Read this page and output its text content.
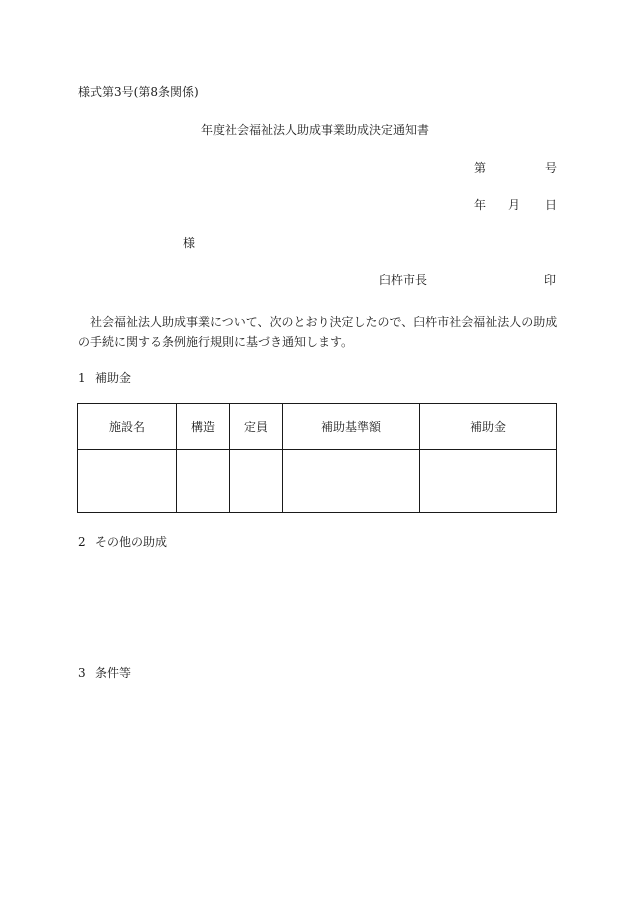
様式第3号(第8条関係)
年度社会福祉法人助成事業助成決定通知書
第	号
年 月 日
様
臼杵市長	印
　社会福祉法人助成事業について、次のとおり決定したので、臼杵市社会福祉法人の助成の手続に関する条例施行規則に基づき通知します。
1 補助金
施設名	構造	定員	補助基準額	補助金

2 その他の助成
3 条件等
